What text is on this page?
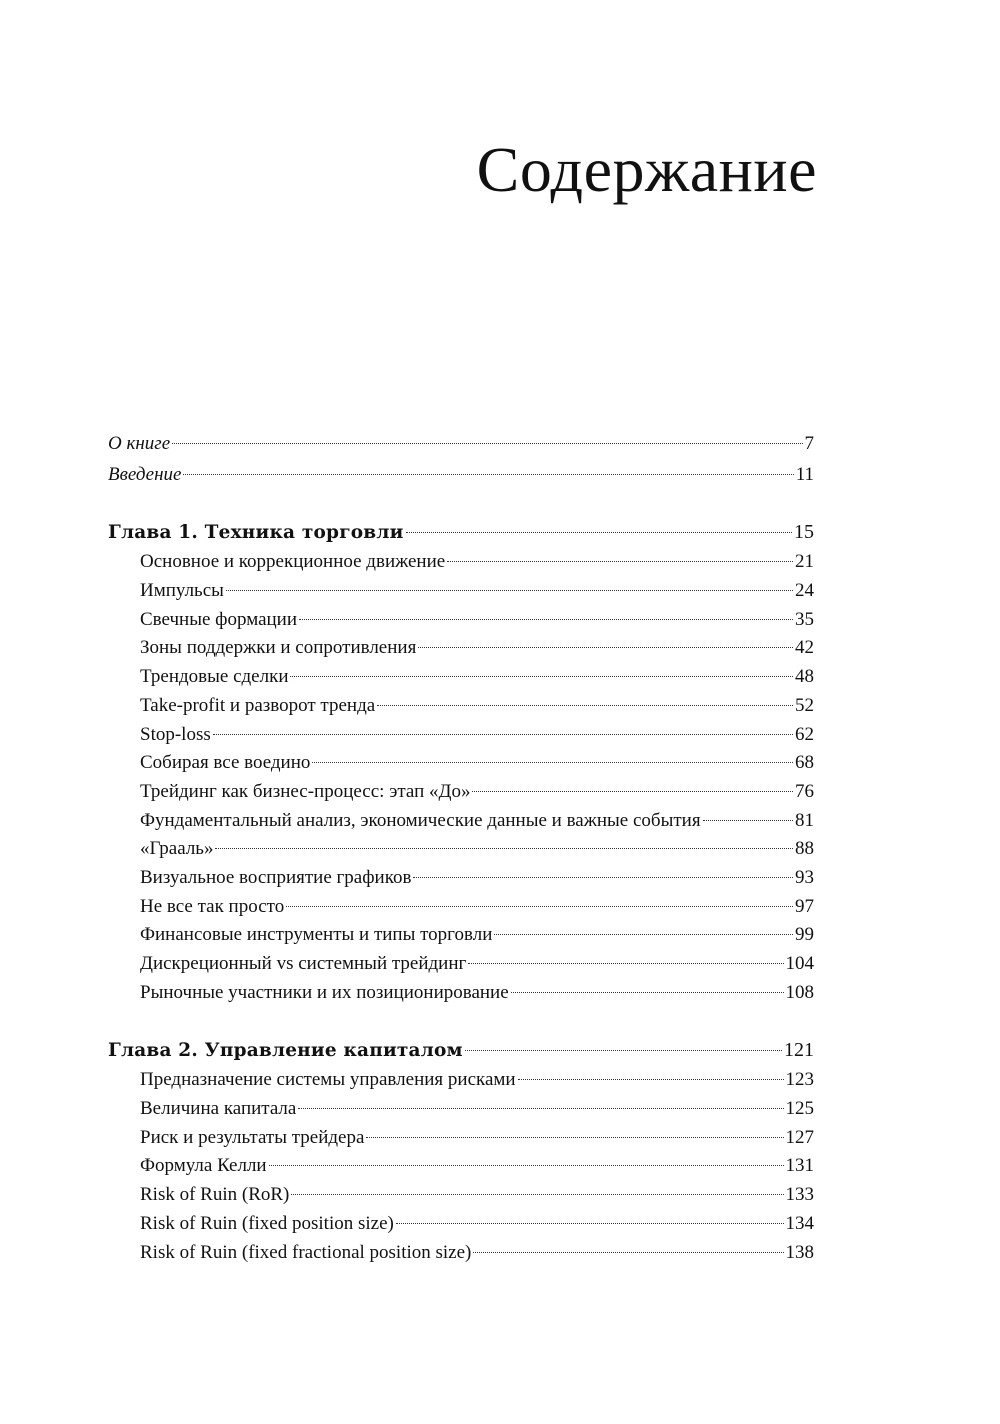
Содержание
О книге	7
Введение	11
Глава 1. Техника торговли	15
Основное и коррекционное движение	21
Импульсы	24
Свечные формации	35
Зоны поддержки и сопротивления	42
Трендовые сделки	48
Take-profit и разворот тренда	52
Stop-loss	62
Собирая все воедино	68
Трейдинг как бизнес-процесс: этап «До»	76
Фундаментальный анализ, экономические данные и важные события	81
«Грааль»	88
Визуальное восприятие графиков	93
Не все так просто	97
Финансовые инструменты и типы торговли	99
Дискреционный vs системный трейдинг	104
Рыночные участники и их позиционирование	108
Глава 2. Управление капиталом	121
Предназначение системы управления рисками	123
Величина капитала	125
Риск и результаты трейдера	127
Формула Келли	131
Risk of Ruin (RoR)	133
Risk of Ruin (fixed position size)	134
Risk of Ruin (fixed fractional position size)	138
